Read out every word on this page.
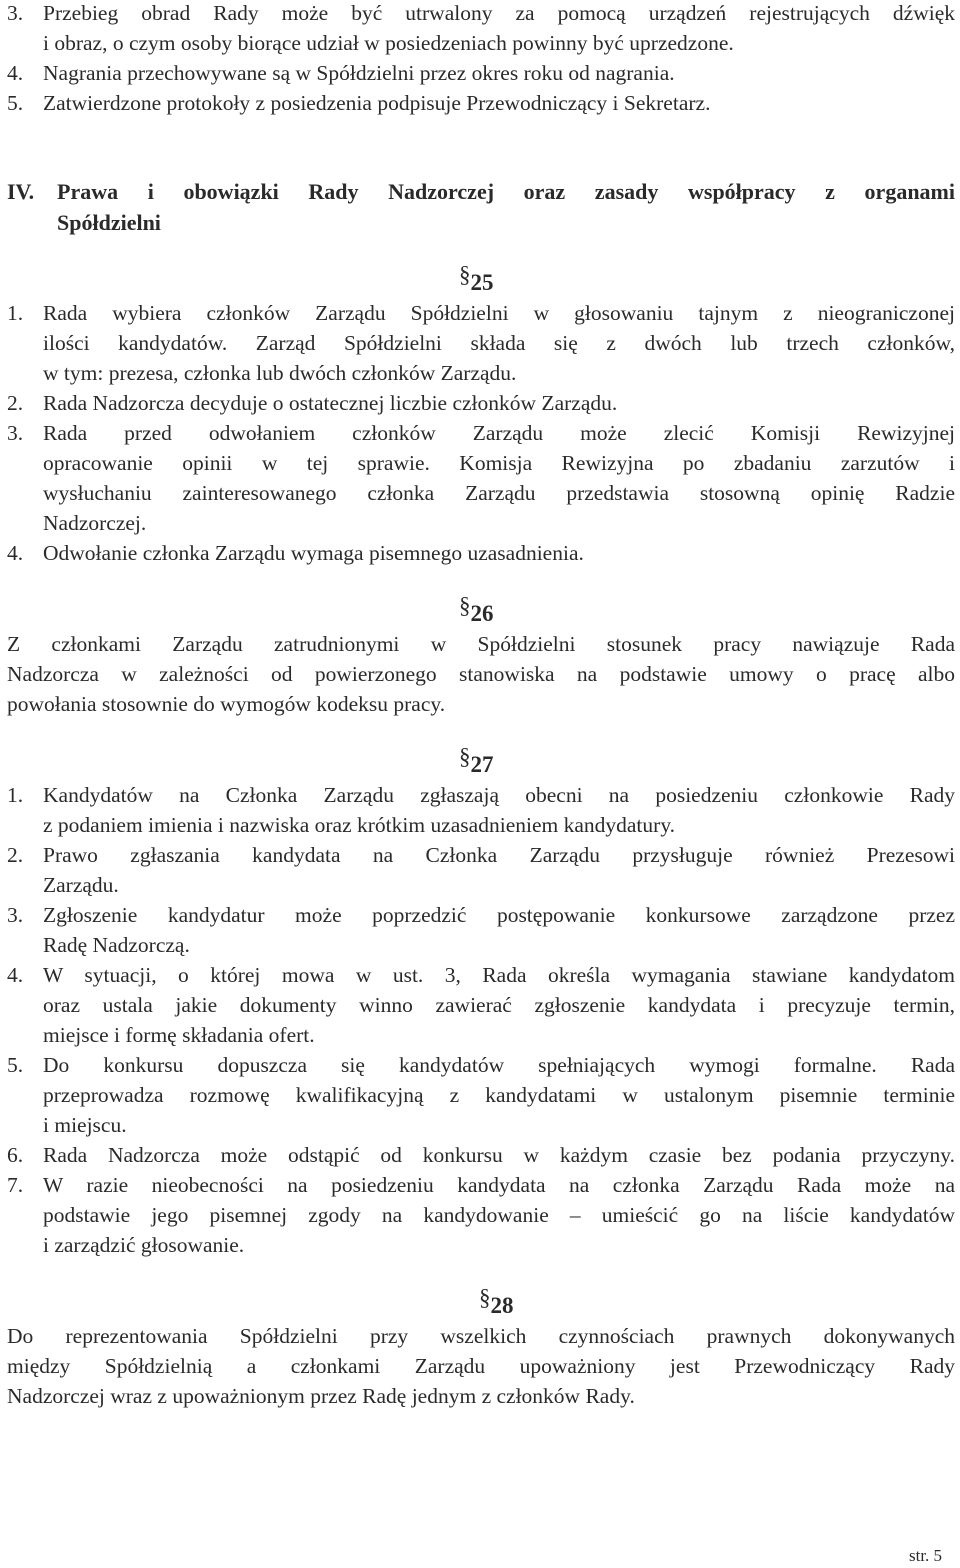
3. Przebieg obrad Rady może być utrwalony za pomocą urządzeń rejestrujących dźwięk

i obraz, o czym osoby biorące udział w posiedzeniach powinny być uprzedzone.

4. Nagrania przechowywane są w Spółdzielni przez okres roku od nagrania.

5. Zatwierdzone protokoły z posiedzenia podpisuje Przewodniczący i Sekretarz.

IV. Prawa i obowiązki Rady Nadzorczej oraz zasady współpracy z organami

Spółdzielni

§25
1. Rada wybiera członków Zarządu Spółdzielni w głosowaniu tajnym z nieograniczonej

ilości kandydatów. Zarząd Spółdzielni składa się z dwóch lub trzech członków,

w tym: prezesa, członka lub dwóch członków Zarządu.

2. Rada Nadzorcza decyduje o ostatecznej liczbie członków Zarządu.

3. Rada przed odwołaniem członków Zarządu może zlecić Komisji Rewizyjnej

opracowanie opinii w tej sprawie. Komisja Rewizyjna po zbadaniu zarzutów i

wysłuchaniu zainteresowanego członka Zarządu przedstawia stosowną opinię Radzie

Nadzorczej.

4. Odwołanie członka Zarządu wymaga pisemnego uzasadnienia.

§26

Z członkami Zarządu zatrudnionymi w Spółdzielni stosunek pracy nawiązuje Rada

Nadzorcza w zależności od powierzonego stanowiska na podstawie umowy o pracę albo

powołania stosownie do wymogów kodeksu pracy.

§27
1. Kandydatów na Członka Zarządu zgłaszają obecni na posiedzeniu członkowie Rady

z podaniem imienia i nazwiska oraz krótkim uzasadnieniem kandydatury.

2. Prawo zgłaszania kandydata na Członka Zarządu przysługuje również Prezesowi

Zarządu.

3. Zgłoszenie kandydatur może poprzedzić postępowanie konkursowe zarządzone przez

Radę Nadzorczą.

4. W sytuacji, o której mowa w ust. 3, Rada określa wymagania stawiane kandydatom

oraz ustala jakie dokumenty winno zawierać zgłoszenie kandydata i precyzuje termin,

miejsce i formę składania ofert.

5. Do konkursu dopuszcza się kandydatów spełniających wymogi formalne. Rada

przeprowadza rozmowę kwalifikacyjną z kandydatami w ustalonym pisemnie terminie

i miejscu.

6. Rada Nadzorcza może odstąpić od konkursu w każdym czasie bez podania przyczyny.

7. W razie nieobecności na posiedzeniu kandydata na członka Zarządu Rada może na

podstawie jego pisemnej zgody na kandydowanie – umieścić go na liście kandydatów

i zarządzić głosowanie.

§28

Do reprezentowania Spółdzielni przy wszelkich czynnościach prawnych dokonywanych

między Spółdzielnią a członkami Zarządu upoważniony jest Przewodniczący Rady

Nadzorczej wraz z upoważnionym przez Radę jednym z członków Rady.

str. 5
